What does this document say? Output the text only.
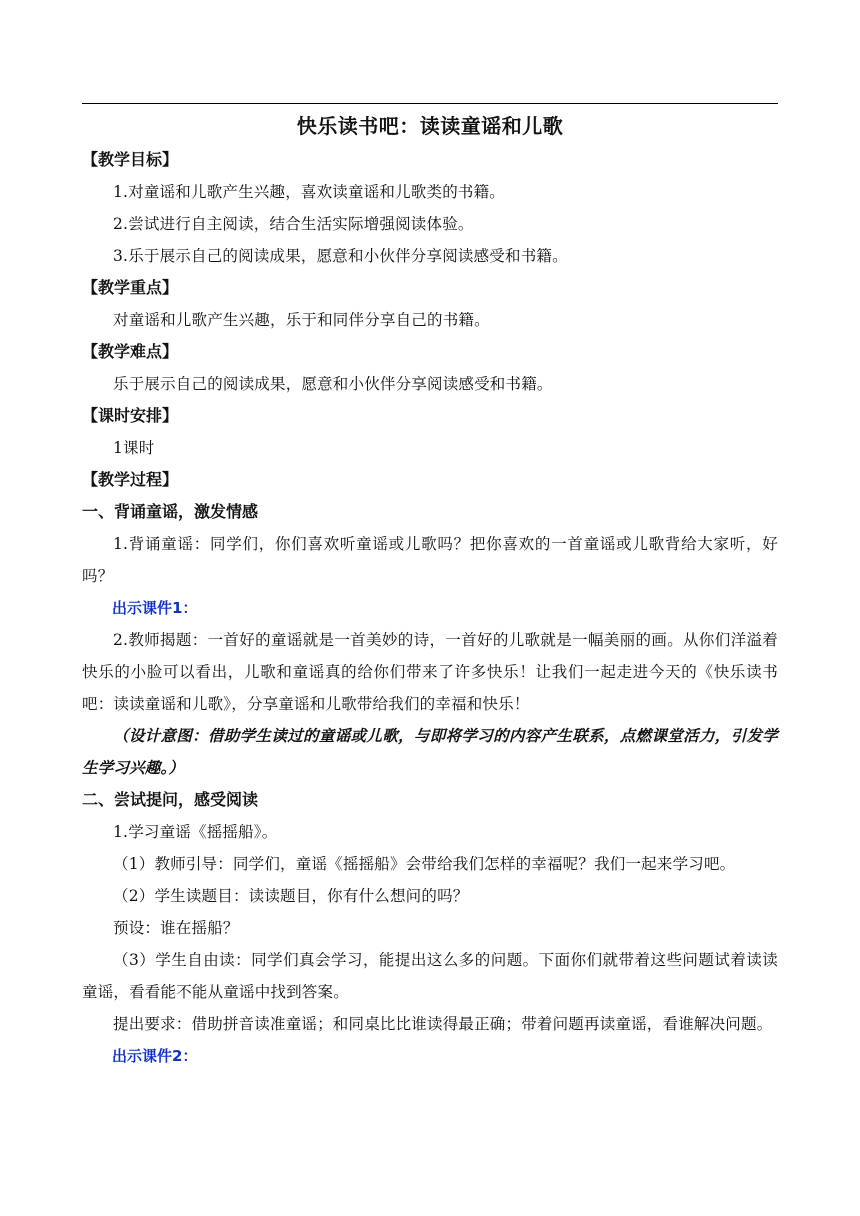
快乐读书吧：读读童谣和儿歌
【教学目标】
1.对童谣和儿歌产生兴趣，喜欢读童谣和儿歌类的书籍。
2.尝试进行自主阅读，结合生活实际增强阅读体验。
3.乐于展示自己的阅读成果，愿意和小伙伴分享阅读感受和书籍。
【教学重点】
对童谣和儿歌产生兴趣，乐于和同伴分享自己的书籍。
【教学难点】
乐于展示自己的阅读成果，愿意和小伙伴分享阅读感受和书籍。
【课时安排】
1课时
【教学过程】
一、背诵童谣，激发情感
1.背诵童谣：同学们，你们喜欢听童谣或儿歌吗？把你喜欢的一首童谣或儿歌背给大家听，好吗？
出示课件1：
2.教师揭题：一首好的童谣就是一首美妙的诗，一首好的儿歌就是一幅美丽的画。从你们洋溢着快乐的小脸可以看出，儿歌和童谣真的给你们带来了许多快乐！让我们一起走进今天的《快乐读书吧：读读童谣和儿歌》，分享童谣和儿歌带给我们的幸福和快乐！
（设计意图：借助学生读过的童谣或儿歌，与即将学习的内容产生联系，点燃课堂活力，引发学生学习兴趣。）
二、尝试提问，感受阅读
1.学习童谣《摇摇船》。
（1）教师引导：同学们，童谣《摇摇船》会带给我们怎样的幸福呢？我们一起来学习吧。
（2）学生读题目：读读题目，你有什么想问的吗？
预设：谁在摇船？
（3）学生自由读：同学们真会学习，能提出这么多的问题。下面你们就带着这些问题试着读读童谣，看看能不能从童谣中找到答案。
提出要求：借助拼音读准童谣；和同桌比比谁读得最正确；带着问题再读童谣，看谁解决问题。
出示课件2：
